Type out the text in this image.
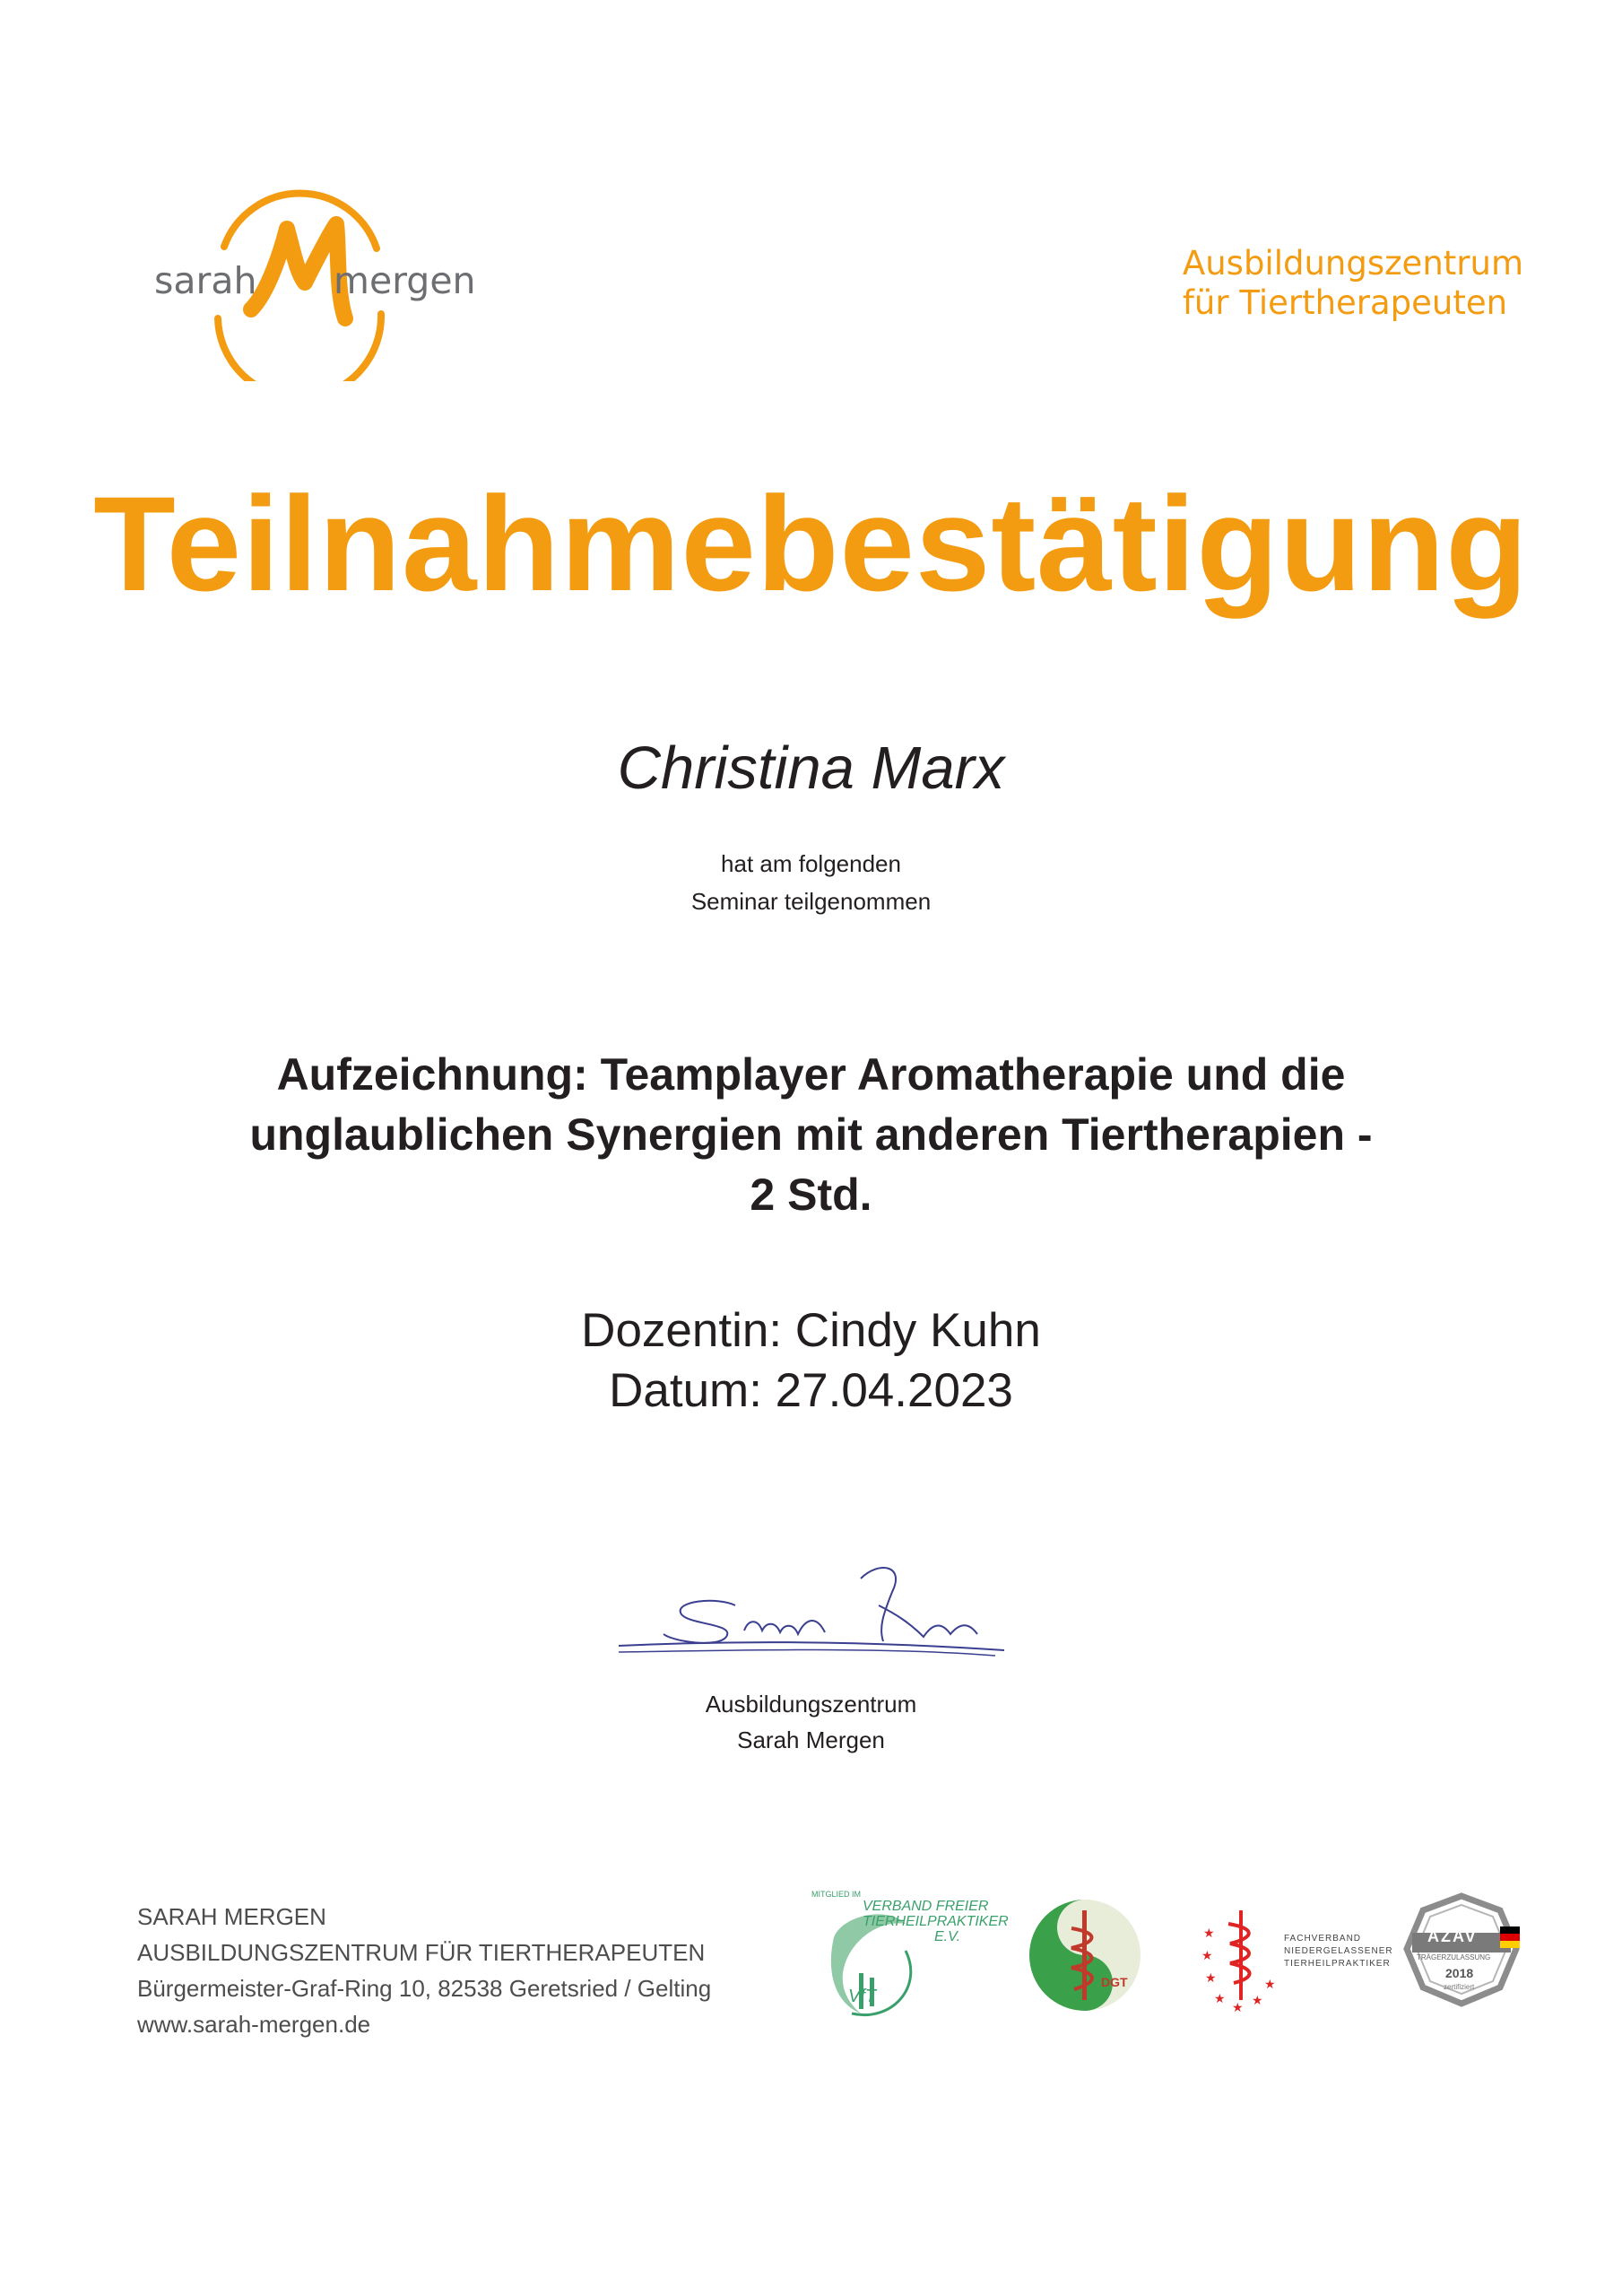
sarah mergen	Ausbildungszentrum
für Tiertherapeuten
Teilnahmebestätigung
Christina Marx
hat am folgenden
Seminar teilgenommen
Aufzeichnung: Teamplayer Aromatherapie und die
unglaublichen Synergien mit anderen Tiertherapien -
2 Std.
Dozentin: Cindy Kuhn
Datum: 27.04.2023
Ausbildungszentrum
Sarah Mergen
SARAH MERGEN
AUSBILDUNGSZENTRUM FÜR TIERTHERAPEUTEN
Bürgermeister-Graf-Ring 10, 82538 Geretsried / Gelting
www.sarah-mergen.de
MITGLIED IM
VERBAND FREIER
TIERHEILPRAKTIKER
E.V.
VfT
DGT
★
★
★
★
★ ★
★
FACHVERBAND
NIEDERGELASSENER
TIERHEILPRAKTIKER
AZAV
TRÄGERZULASSUNG
2018
zertifiziert
